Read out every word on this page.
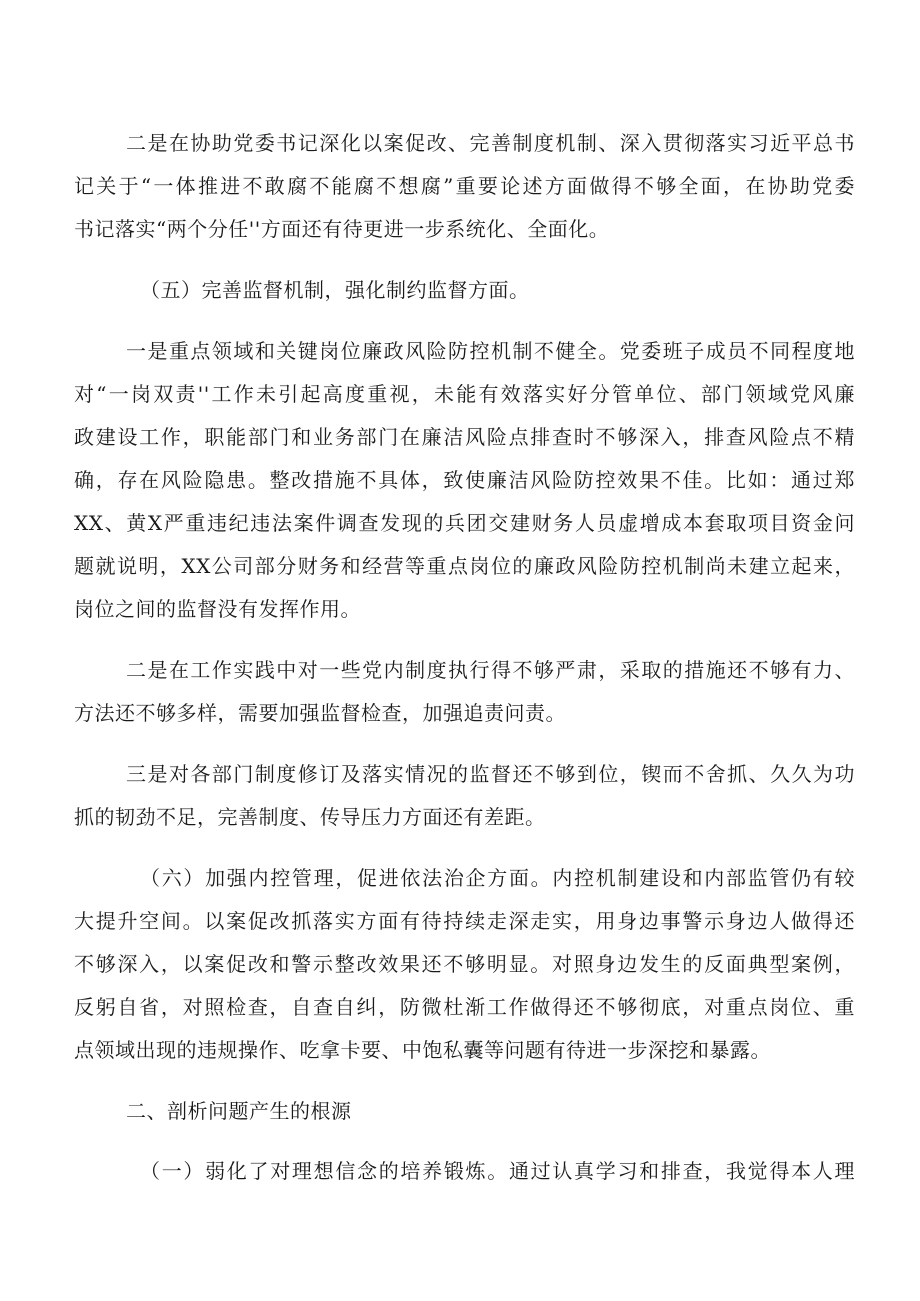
二是在协助党委书记深化以案促改、完善制度机制、深入贯彻落实习近平总书
记关于“一体推进不敢腐不能腐不想腐”重要论述方面做得不够全面，在协助党委
书记落实“两个分任''方面还有待更进一步系统化、全面化。
（五）完善监督机制，强化制约监督方面。
一是重点领域和关键岗位廉政风险防控机制不健全。党委班子成员不同程度地
对“一岗双责''工作未引起高度重视，未能有效落实好分管单位、部门领域党风廉
政建设工作，职能部门和业务部门在廉洁风险点排查时不够深入，排查风险点不精
确，存在风险隐患。整改措施不具体，致使廉洁风险防控效果不佳。比如：通过郑
XX、黄X严重违纪违法案件调查发现的兵团交建财务人员虚增成本套取项目资金问
题就说明，XX公司部分财务和经营等重点岗位的廉政风险防控机制尚未建立起来，
岗位之间的监督没有发挥作用。
二是在工作实践中对一些党内制度执行得不够严肃，采取的措施还不够有力、
方法还不够多样，需要加强监督检查，加强追责问责。
三是对各部门制度修订及落实情况的监督还不够到位，锲而不舍抓、久久为功
抓的韧劲不足，完善制度、传导压力方面还有差距。
（六）加强内控管理，促进依法治企方面。内控机制建设和内部监管仍有较
大提升空间。以案促改抓落实方面有待持续走深走实，用身边事警示身边人做得还
不够深入，以案促改和警示整改效果还不够明显。对照身边发生的反面典型案例，
反躬自省，对照检查，自查自纠，防微杜渐工作做得还不够彻底，对重点岗位、重
点领域出现的违规操作、吃拿卡要、中饱私囊等问题有待进一步深挖和暴露。
二、剖析问题产生的根源
（一）弱化了对理想信念的培养锻炼。通过认真学习和排查，我觉得本人理
